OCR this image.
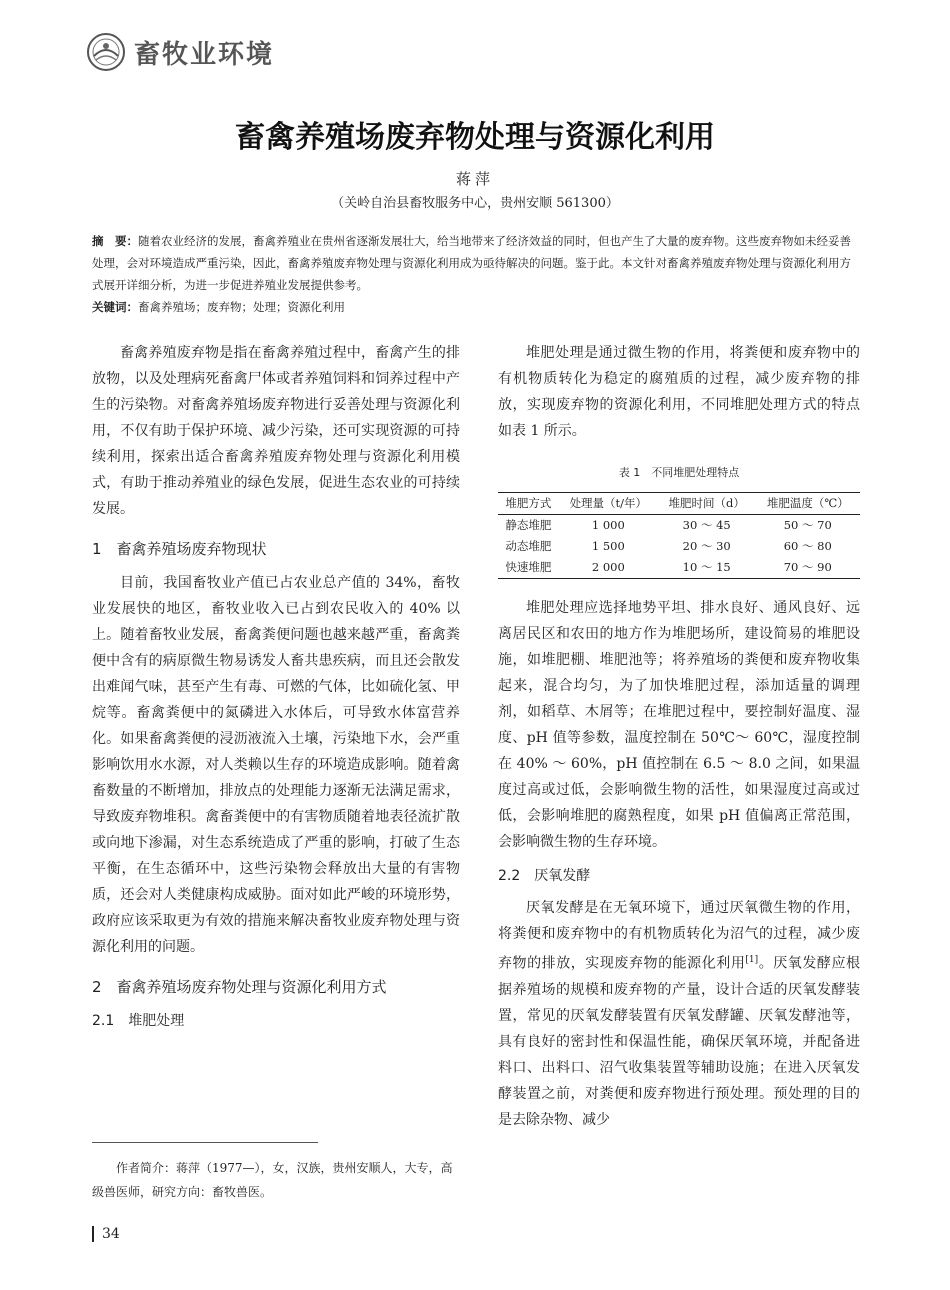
畜牧业环境
畜禽养殖场废弃物处理与资源化利用
蒋萍
（关岭自治县畜牧服务中心，贵州安顺 561300）
摘　要：随着农业经济的发展，畜禽养殖业在贵州省逐渐发展壮大，给当地带来了经济效益的同时，但也产生了大量的废弃物。这些废弃物如未经妥善处理，会对环境造成严重污染，因此，畜禽养殖废弃物处理与资源化利用成为亟待解决的问题。鉴于此。本文针对畜禽养殖废弃物处理与资源化利用方式展开详细分析，为进一步促进养殖业发展提供参考。
关键词：畜禽养殖场；废弃物；处理；资源化利用

畜禽养殖废弃物是指在畜禽养殖过程中，畜禽产生的排放物，以及处理病死畜禽尸体或者养殖饲料和饲养过程中产生的污染物。对畜禽养殖场废弃物进行妥善处理与资源化利用，不仅有助于保护环境、减少污染，还可实现资源的可持续利用，探索出适合畜禽养殖废弃物处理与资源化利用模式，有助于推动养殖业的绿色发展，促进生态农业的可持续发展。

1　畜禽养殖场废弃物现状

目前，我国畜牧业产值已占农业总产值的 34%，畜牧业发展快的地区，畜牧业收入已占到农民收入的 40% 以上。随着畜牧业发展，畜禽粪便问题也越来越严重，畜禽粪便中含有的病原微生物易诱发人畜共患疾病，而且还会散发出难闻气味，甚至产生有毒、可燃的气体，比如硫化氢、甲烷等。畜禽粪便中的氮磷进入水体后，可导致水体富营养化。如果畜禽粪便的浸沥液流入土壤，污染地下水，会严重影响饮用水水源，对人类赖以生存的环境造成影响。随着禽畜数量的不断增加，排放点的处理能力逐渐无法满足需求，导致废弃物堆积。禽畜粪便中的有害物质随着地表径流扩散或向地下渗漏，对生态系统造成了严重的影响，打破了生态平衡，在生态循环中，这些污染物会释放出大量的有害物质，还会对人类健康构成威胁。面对如此严峻的环境形势，政府应该采取更为有效的措施来解决畜牧业废弃物处理与资源化利用的问题。

2　畜禽养殖场废弃物处理与资源化利用方式
2.1　堆肥处理
作者简介：蒋萍（1977—），女，汉族，贵州安顺人，大专，高级兽医师，研究方向：畜牧兽医。
34

堆肥处理是通过微生物的作用，将粪便和废弃物中的有机物质转化为稳定的腐殖质的过程，减少废弃物的排放，实现废弃物的资源化利用，不同堆肥处理方式的特点如表 1 所示。

表 1　不同堆肥处理特点
堆肥方式	处理量（t/年）	堆肥时间（d）	堆肥温度（℃）
静态堆肥	1 000	30 ～ 45	50 ～ 70
动态堆肥	1 500	20 ～ 30	60 ～ 80
快速堆肥	2 000	10 ～ 15	70 ～ 90

堆肥处理应选择地势平坦、排水良好、通风良好、远离居民区和农田的地方作为堆肥场所，建设简易的堆肥设施，如堆肥棚、堆肥池等；将养殖场的粪便和废弃物收集起来，混合均匀，为了加快堆肥过程，添加适量的调理剂，如稻草、木屑等；在堆肥过程中，要控制好温度、湿度、pH 值等参数，温度控制在 50℃～ 60℃，湿度控制在 40% ～ 60%，pH 值控制在 6.5 ～ 8.0 之间，如果温度过高或过低，会影响微生物的活性，如果湿度过高或过低，会影响堆肥的腐熟程度，如果 pH 值偏离正常范围，会影响微生物的生存环境。

2.2　厌氧发酵

厌氧发酵是在无氧环境下，通过厌氧微生物的作用，将粪便和废弃物中的有机物质转化为沼气的过程，减少废弃物的排放，实现废弃物的能源化利用[1]。厌氧发酵应根据养殖场的规模和废弃物的产量，设计合适的厌氧发酵装置，常见的厌氧发酵装置有厌氧发酵罐、厌氧发酵池等，具有良好的密封性和保温性能，确保厌氧环境，并配备进料口、出料口、沼气收集装置等辅助设施；在进入厌氧发酵装置之前，对粪便和废弃物进行预处理。预处理的目的是去除杂物、减少
